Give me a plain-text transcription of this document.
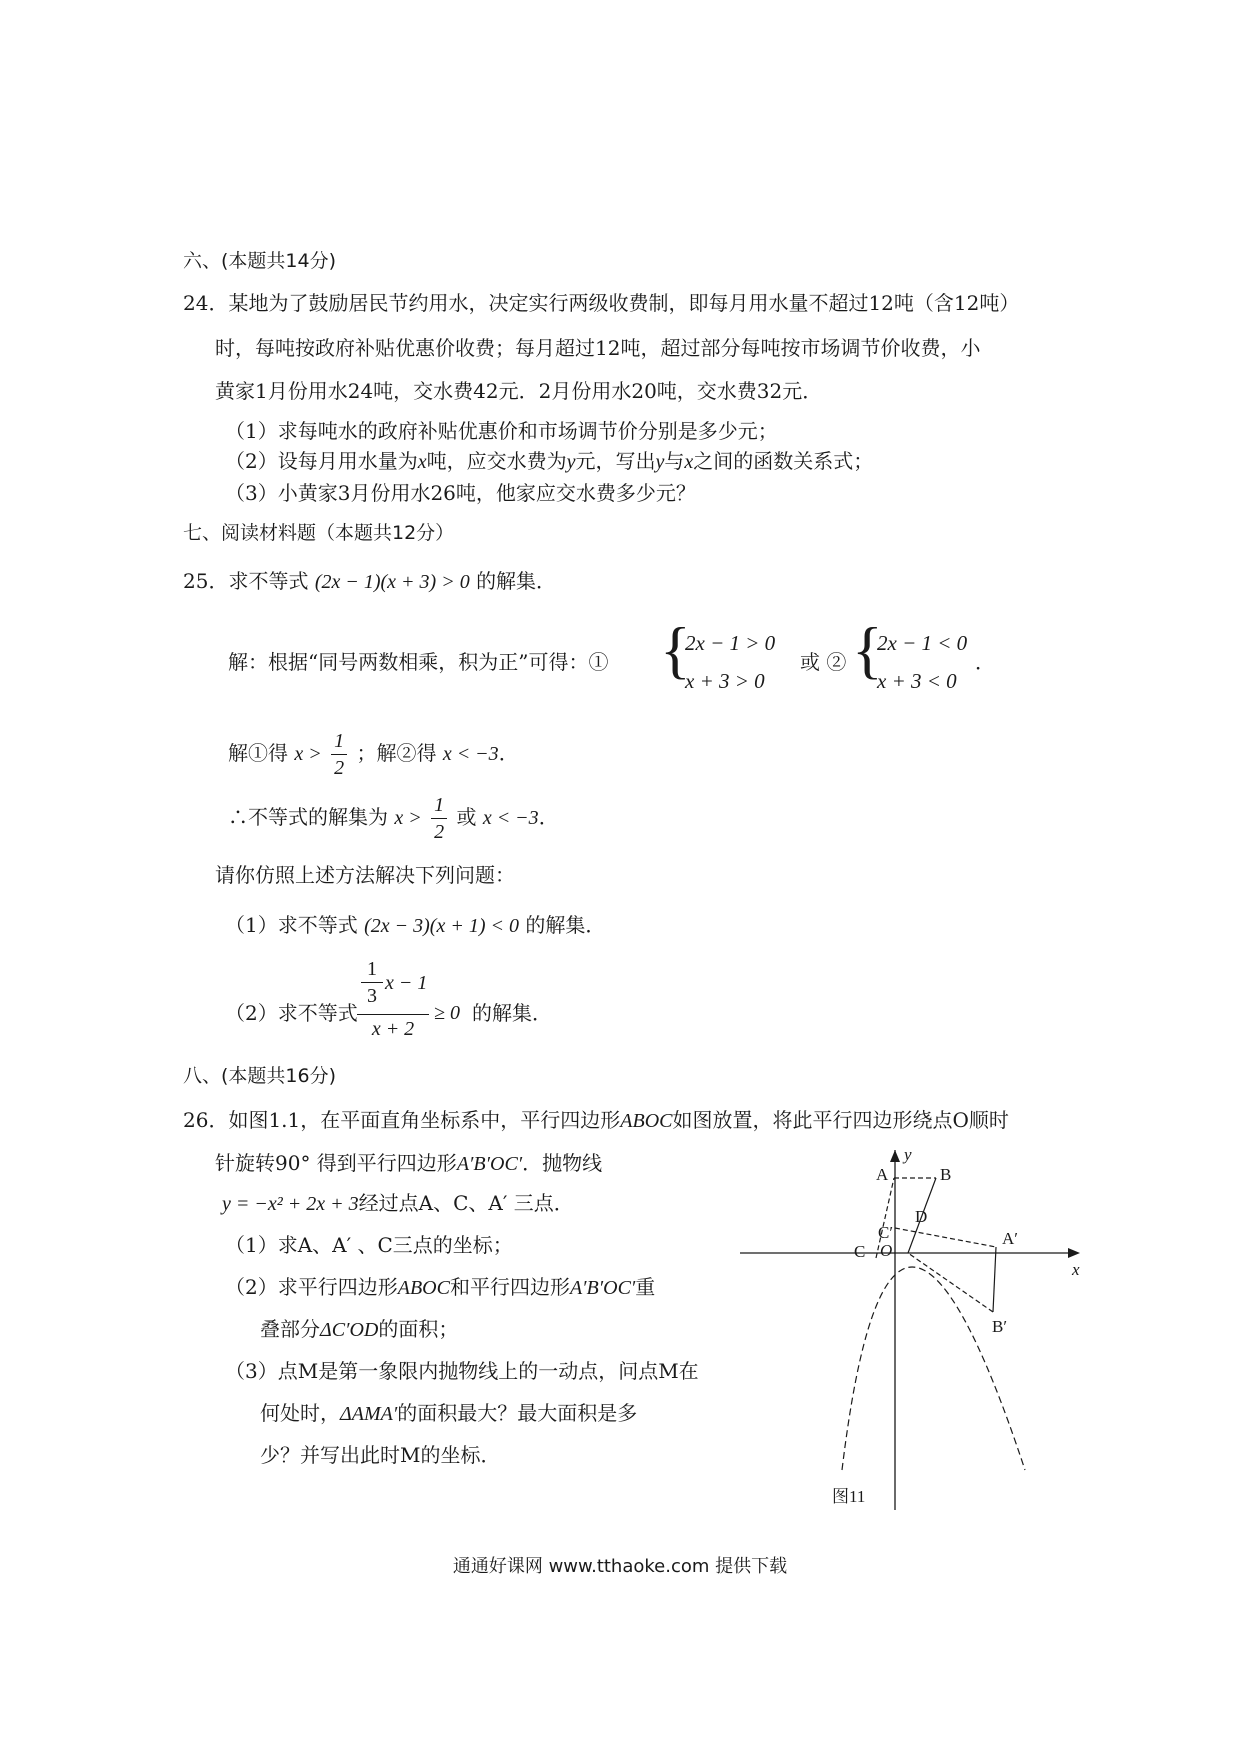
六、(本题共14分)
24．某地为了鼓励居民节约用水，决定实行两级收费制，即每月用水量不超过12吨（含12吨）
时，每吨按政府补贴优惠价收费；每月超过12吨，超过部分每吨按市场调节价收费，小
黄家1月份用水24吨，交水费42元．2月份用水20吨，交水费32元．
（1）求每吨水的政府补贴优惠价和市场调节价分别是多少元；
（2）设每月用水量为x吨，应交水费为y元，写出y与x之间的函数关系式；
（3）小黄家3月份用水26吨，他家应交水费多少元？
七、阅读材料题（本题共12分）
25．求不等式 (2x − 1)(x + 3) > 0 的解集．
解：根据“同号两数相乘，积为正”可得：① {
2x − 1 > 0
x + 3 > 0
或 ② {
2x − 1 < 0
x + 3 < 0
．
解①得 $x > \frac{1}{2}$ ；解②得 x < −3．
∴不等式的解集为 $x > \frac{1}{2}$ 或 x < −3．
请你仿照上述方法解决下列问题：
（1）求不等式 (2x − 3)(x + 1) < 0 的解集．
（2）求不等式
1
3
x − 1
x + 2
≥ 0 的解集．
八、(本题共16分)
26．如图1.1，在平面直角坐标系中，平行四边形ABOC如图放置，将此平行四边形绕点O顺时
针旋转90° 得到平行四边形A′B′OC′．抛物线
y = −x² + 2x + 3经过点A、C、A′ 三点．
（1）求A、A′ 、C三点的坐标；
（2）求平行四边形ABOC和平行四边形A′B′OC′重
叠部分ΔC′OD的面积；
（3）点M是第一象限内抛物线上的一动点，问点M在
何处时，ΔAMA′的面积最大？最大面积是多
少？并写出此时M的坐标．
y
x
A	B
C
C′
D
O
A′
B′
图11
通通好课网 www.tthaoke.com 提供下载
